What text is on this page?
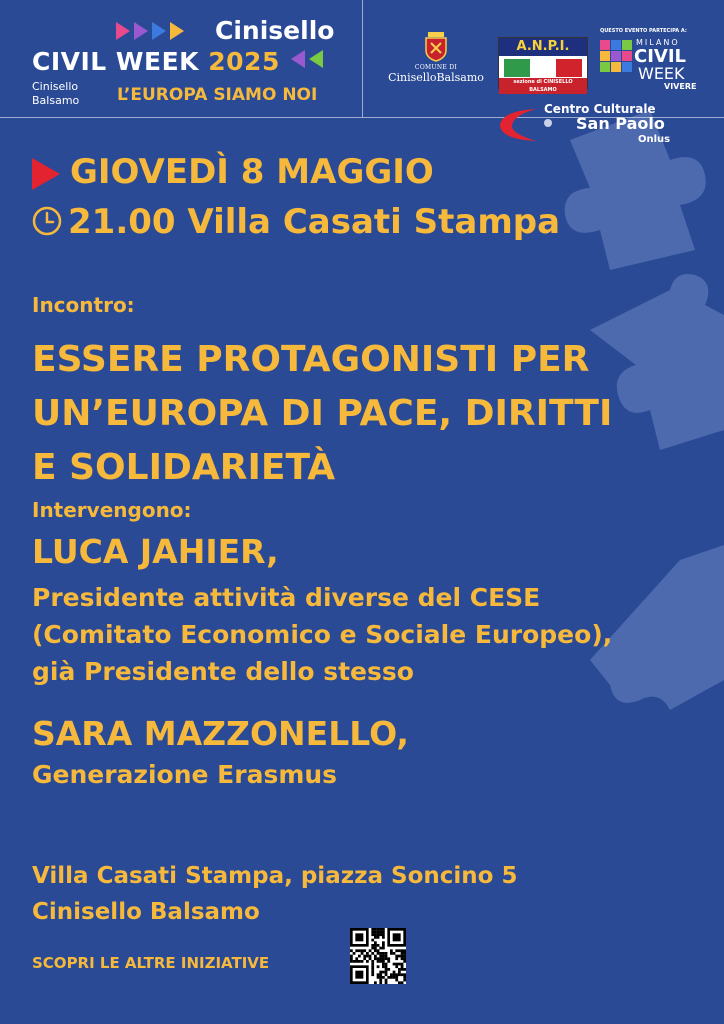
Cinisello
CIVIL WEEK 2025
Cinisello Balsamo	L’EUROPA SIAMO NOI
COMUNE DI
CiniselloBalsamo
A.N.P.I.
sezione di CINISELLO BALSAMO
QUESTO EVENTO PARTECIPA A:
MILANO
CIVIL
WEEK
VIVERE
Centro Culturale
San Paolo
Onlus
GIOVEDÌ 8 MAGGIO
21.00 Villa Casati Stampa
Incontro:
ESSERE PROTAGONISTI PER
UN’EUROPA DI PACE, DIRITTI
E SOLIDARIETÀ
Intervengono:
LUCA JAHIER,
Presidente attività diverse del CESE
(Comitato Economico e Sociale Europeo),
già Presidente dello stesso
SARA MAZZONELLO,
Generazione Erasmus
Villa Casati Stampa, piazza Soncino 5
Cinisello Balsamo
SCOPRI LE ALTRE INIZIATIVE
